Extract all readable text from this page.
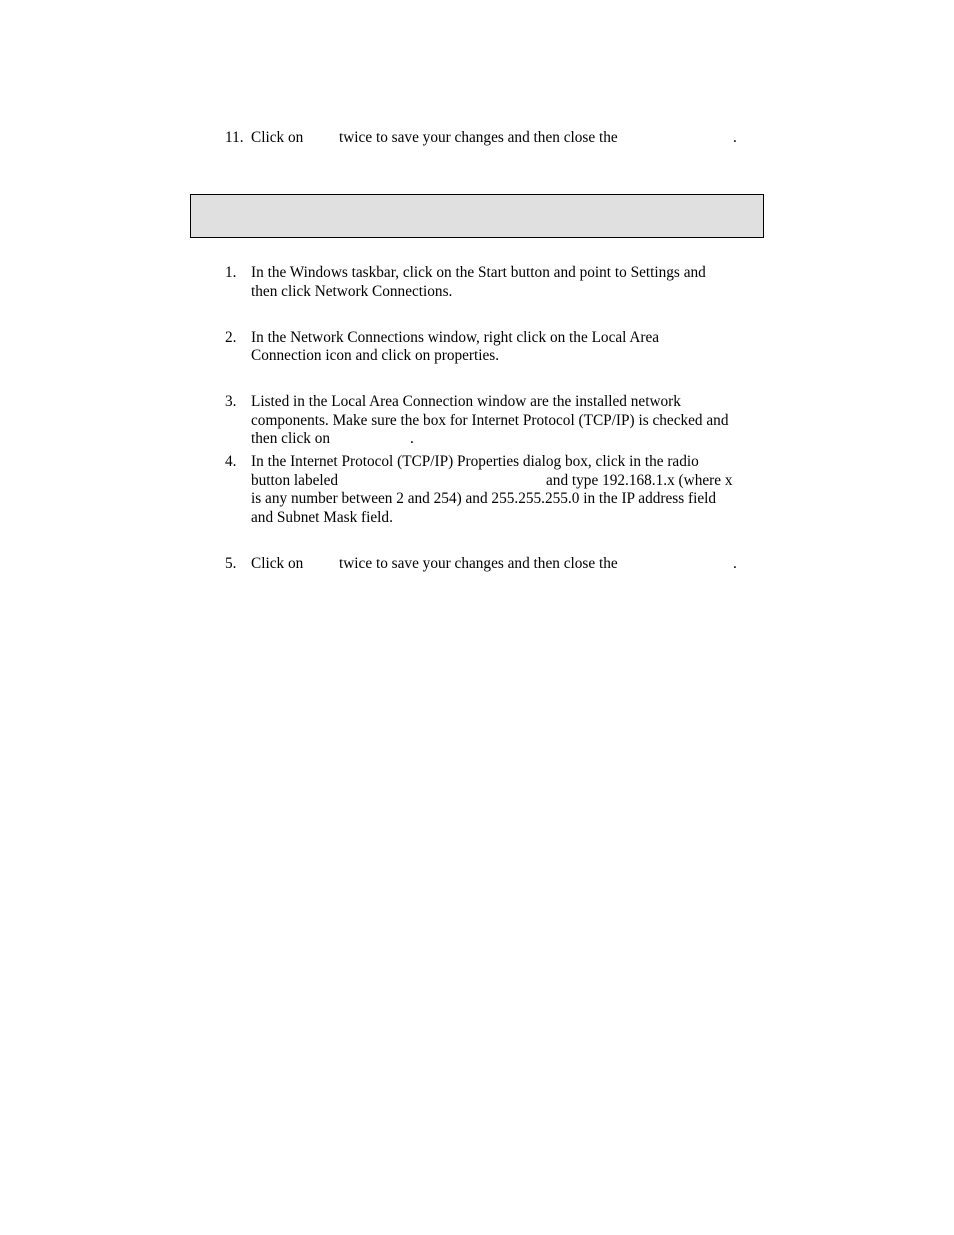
11. Click on twice to save your changes and then close the	.
1. In the Windows taskbar, click on the Start button and point to Settings and
then click Network Connections.
2. In the Network Connections window, right click on the Local Area
Connection icon and click on properties.
3. Listed in the Local Area Connection window are the installed network
components. Make sure the box for Internet Protocol (TCP/IP) is checked and
then click on	.
4. In the Internet Protocol (TCP/IP) Properties dialog box, click in the radio
button labeled	and type 192.168.1.x (where x
is any number between 2 and 254) and 255.255.255.0 in the IP address field
and Subnet Mask field.
5. Click on twice to save your changes and then close the	.
